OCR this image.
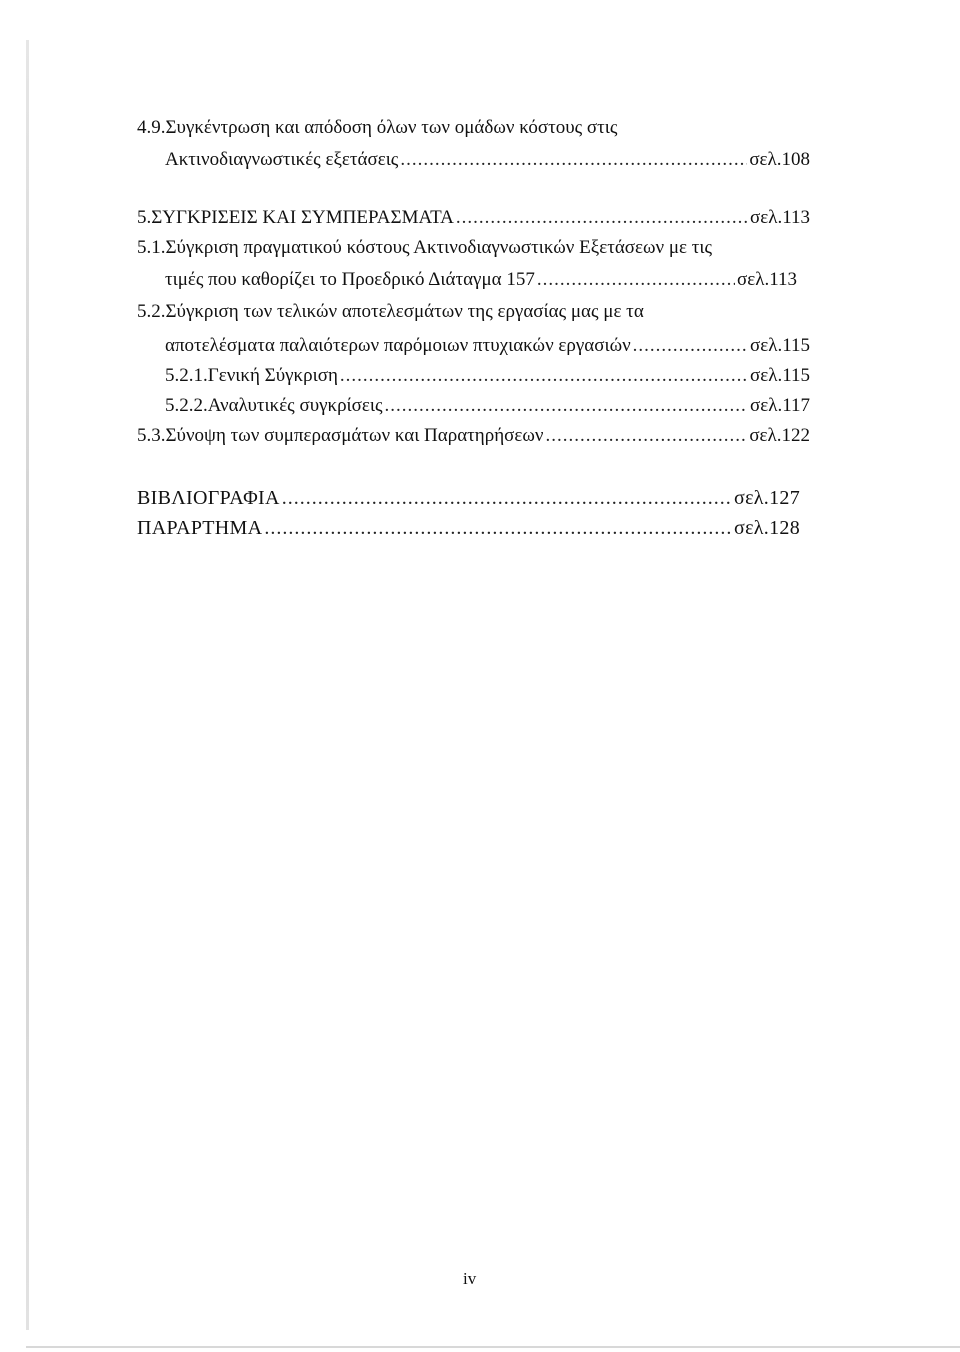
4.9.Συγκέντρωση και απόδοση όλων των ομάδων κόστους στις
Ακτινοδιαγνωστικές εξετάσεις .....	σελ.108
5.ΣΥΓΚΡΙΣΕΙΣ ΚΑΙ ΣΥΜΠΕΡΑΣΜΑΤΑ .....	σελ.113
5.1.Σύγκριση πραγματικού κόστους Ακτινοδιαγνωστικών Εξετάσεων με τις
τιμές που καθορίζει το Προεδρικό Διάταγμα 157 .....	σελ.113
5.2.Σύγκριση των τελικών αποτελεσμάτων της εργασίας μας με τα
αποτελέσματα παλαιότερων παρόμοιων πτυχιακών εργασιών .....	σελ.115
5.2.1.Γενική Σύγκριση .....	σελ.115
5.2.2.Αναλυτικές συγκρίσεις .....	σελ.117
5.3.Σύνοψη των συμπερασμάτων και Παρατηρήσεων .....	σελ.122
ΒΙΒΛΙΟΓΡΑΦΙΑ .....	σελ.127
ΠΑΡΑΡΤΗΜΑ .....	σελ.128
iv
